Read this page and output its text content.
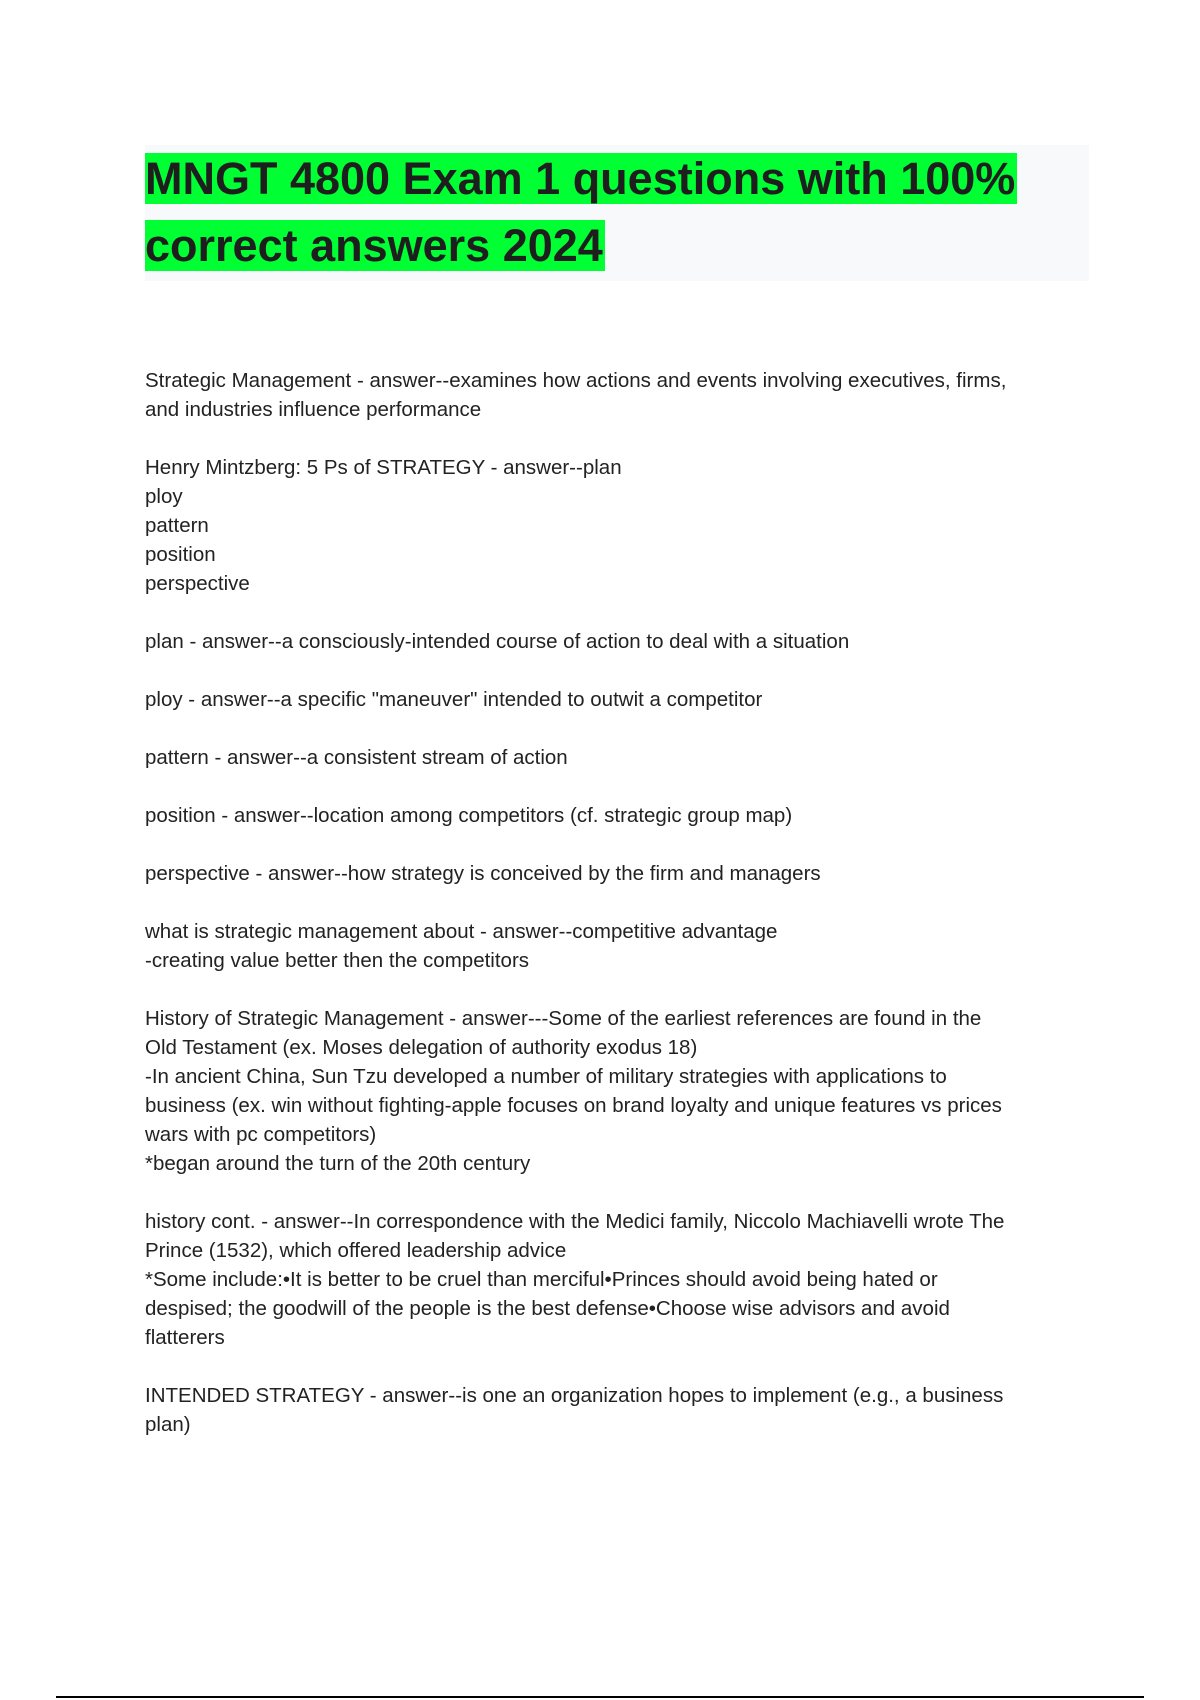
MNGT 4800 Exam 1 questions with 100%
correct answers 2024

Strategic Management - answer--examines how actions and events involving executives, firms,
and industries influence performance

Henry Mintzberg: 5 Ps of STRATEGY - answer--plan
ploy
pattern
position
perspective

plan - answer--a consciously-intended course of action to deal with a situation

ploy - answer--a specific "maneuver" intended to outwit a competitor

pattern - answer--a consistent stream of action

position - answer--location among competitors (cf. strategic group map)

perspective - answer--how strategy is conceived by the firm and managers

what is strategic management about - answer--competitive advantage
-creating value better then the competitors

History of Strategic Management - answer---Some of the earliest references are found in the
Old Testament (ex. Moses delegation of authority exodus 18)
-In ancient China, Sun Tzu developed a number of military strategies with applications to
business (ex. win without fighting-apple focuses on brand loyalty and unique features vs prices
wars with pc competitors)
*began around the turn of the 20th century

history cont. - answer--In correspondence with the Medici family, Niccolo Machiavelli wrote The
Prince (1532), which offered leadership advice
*Some include:•It is better to be cruel than merciful•Princes should avoid being hated or
despised; the goodwill of the people is the best defense•Choose wise advisors and avoid
flatterers

INTENDED STRATEGY - answer--is one an organization hopes to implement (e.g., a business
plan)
